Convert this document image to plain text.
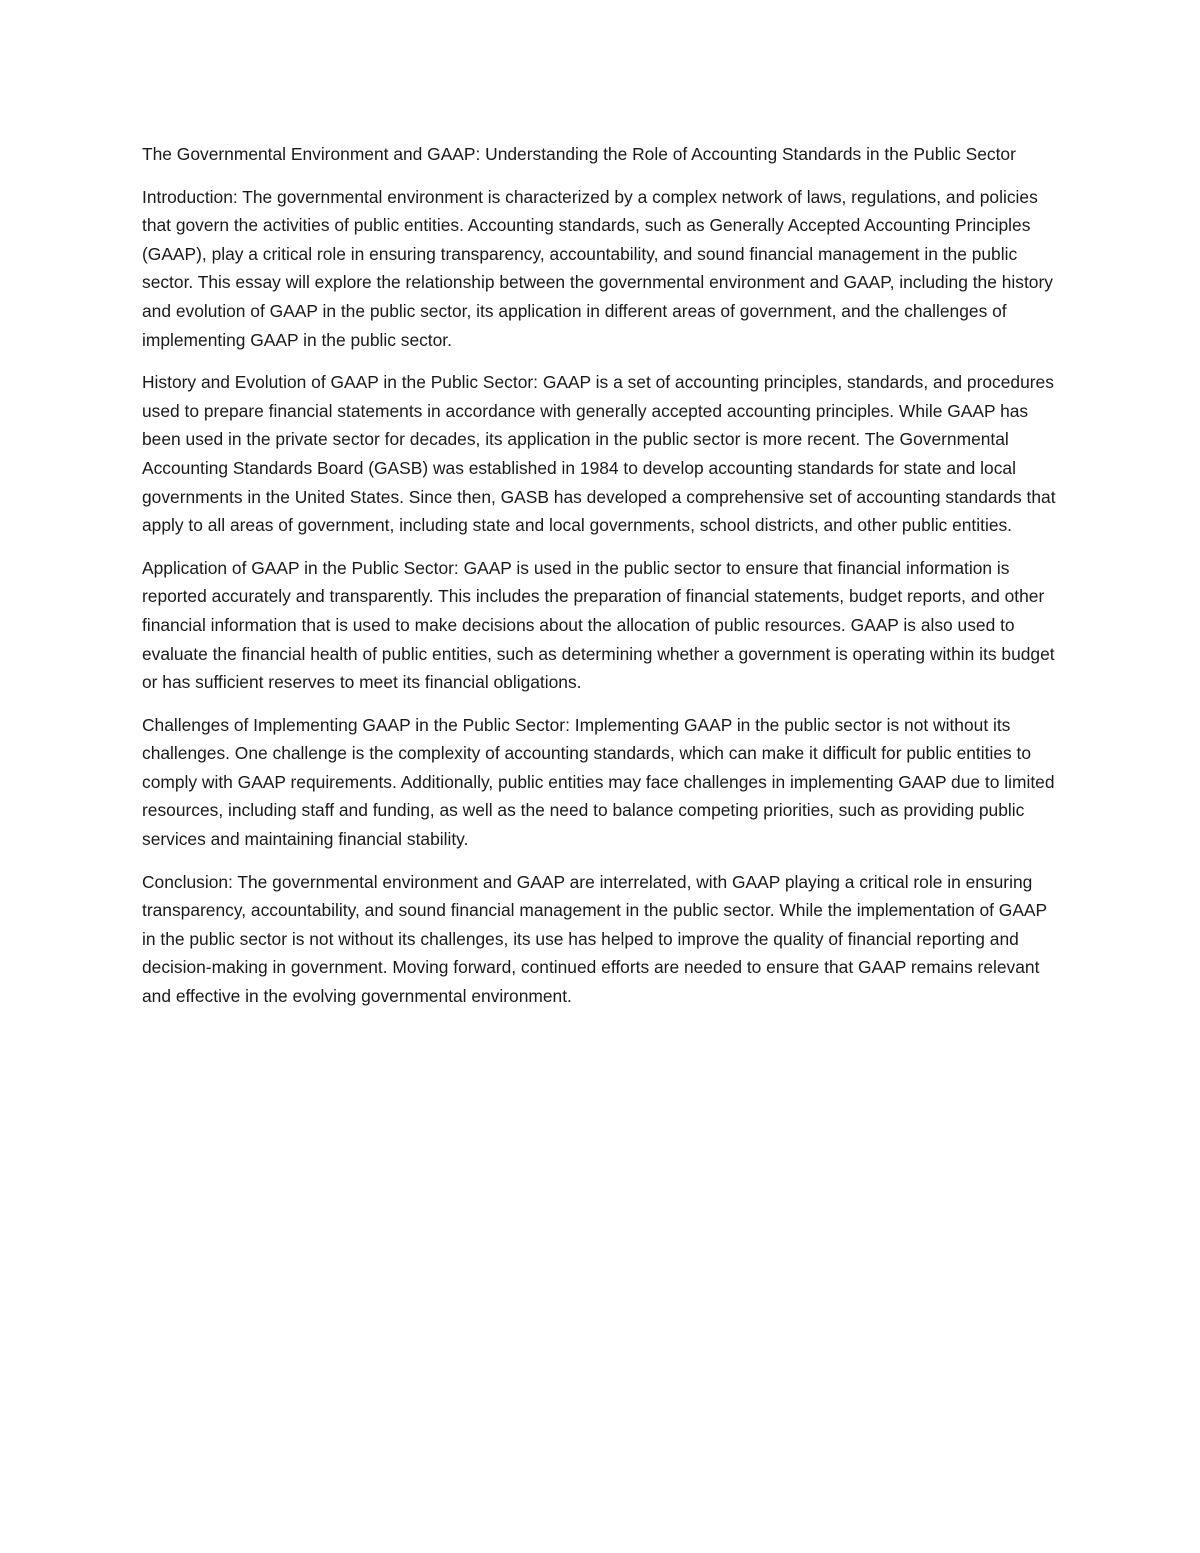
The Governmental Environment and GAAP: Understanding the Role of Accounting Standards in the Public Sector

Introduction: The governmental environment is characterized by a complex network of laws, regulations, and policies that govern the activities of public entities. Accounting standards, such as Generally Accepted Accounting Principles (GAAP), play a critical role in ensuring transparency, accountability, and sound financial management in the public sector. This essay will explore the relationship between the governmental environment and GAAP, including the history and evolution of GAAP in the public sector, its application in different areas of government, and the challenges of implementing GAAP in the public sector.

History and Evolution of GAAP in the Public Sector: GAAP is a set of accounting principles, standards, and procedures used to prepare financial statements in accordance with generally accepted accounting principles. While GAAP has been used in the private sector for decades, its application in the public sector is more recent. The Governmental Accounting Standards Board (GASB) was established in 1984 to develop accounting standards for state and local governments in the United States. Since then, GASB has developed a comprehensive set of accounting standards that apply to all areas of government, including state and local governments, school districts, and other public entities.

Application of GAAP in the Public Sector: GAAP is used in the public sector to ensure that financial information is reported accurately and transparently. This includes the preparation of financial statements, budget reports, and other financial information that is used to make decisions about the allocation of public resources. GAAP is also used to evaluate the financial health of public entities, such as determining whether a government is operating within its budget or has sufficient reserves to meet its financial obligations.

Challenges of Implementing GAAP in the Public Sector: Implementing GAAP in the public sector is not without its challenges. One challenge is the complexity of accounting standards, which can make it difficult for public entities to comply with GAAP requirements. Additionally, public entities may face challenges in implementing GAAP due to limited resources, including staff and funding, as well as the need to balance competing priorities, such as providing public services and maintaining financial stability.

Conclusion: The governmental environment and GAAP are interrelated, with GAAP playing a critical role in ensuring transparency, accountability, and sound financial management in the public sector. While the implementation of GAAP in the public sector is not without its challenges, its use has helped to improve the quality of financial reporting and decision-making in government. Moving forward, continued efforts are needed to ensure that GAAP remains relevant and effective in the evolving governmental environment.
